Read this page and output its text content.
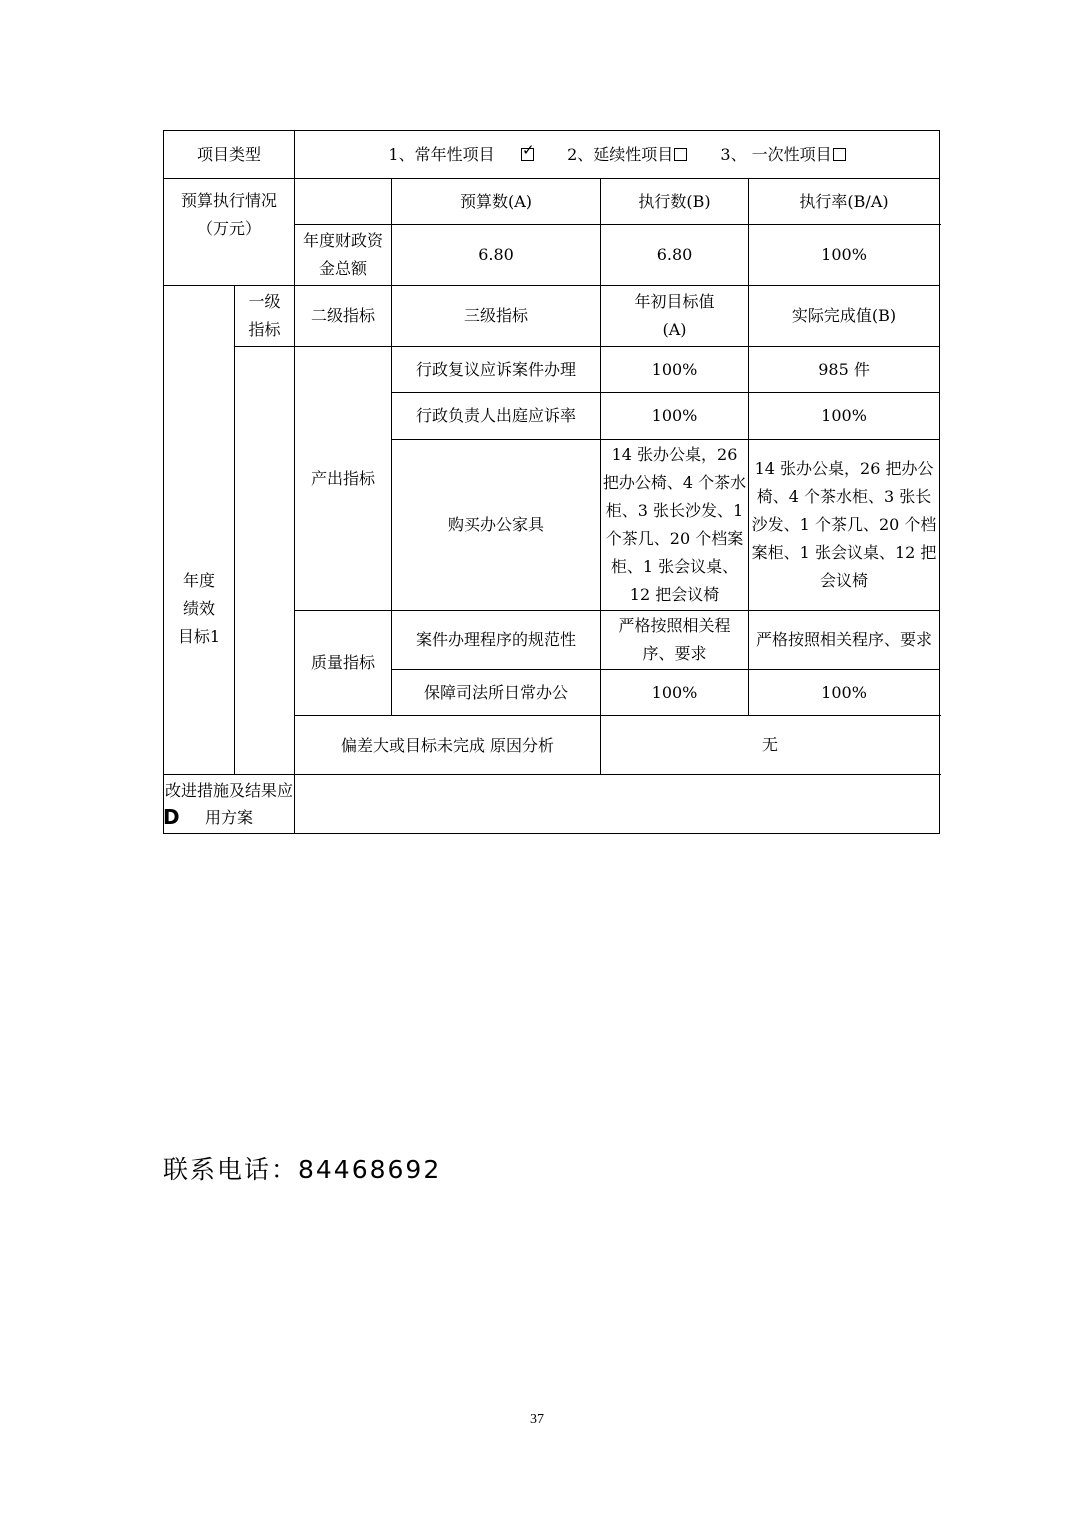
项目类型		1、常年性项目 ✓ 2、延续性项目 3、 一次性项目
预算执行情况（万元）			预算数(A)	执行数(B)	执行率(B/A)
		年度财政资金总额	6.80	6.80	100%
年度绩效目标1	一级指标	二级指标	三级指标	年初目标值(A)	实际完成值(B)
		产出指标	行政复议应诉案件办理	100%	985 件
			行政负责人出庭应诉率	100%	100%
			购买办公家具	14 张办公桌，26 把办公椅、4 个茶水柜、3 张长沙发、1 个茶几、20 个档案柜、1 张会议桌、12 把会议椅	14 张办公桌，26 把办公椅、4 个茶水柜、3 张长沙发、1 个茶几、20 个档案柜、1 张会议桌、12 把会议椅
		质量指标	案件办理程序的规范性	严格按照相关程序、要求	严格按照相关程序、要求
			保障司法所日常办公	100%	100%
		偏差大或目标未完成 原因分析		无	
改进措施及结果应用方案					
D
联系电话：84468692
37
